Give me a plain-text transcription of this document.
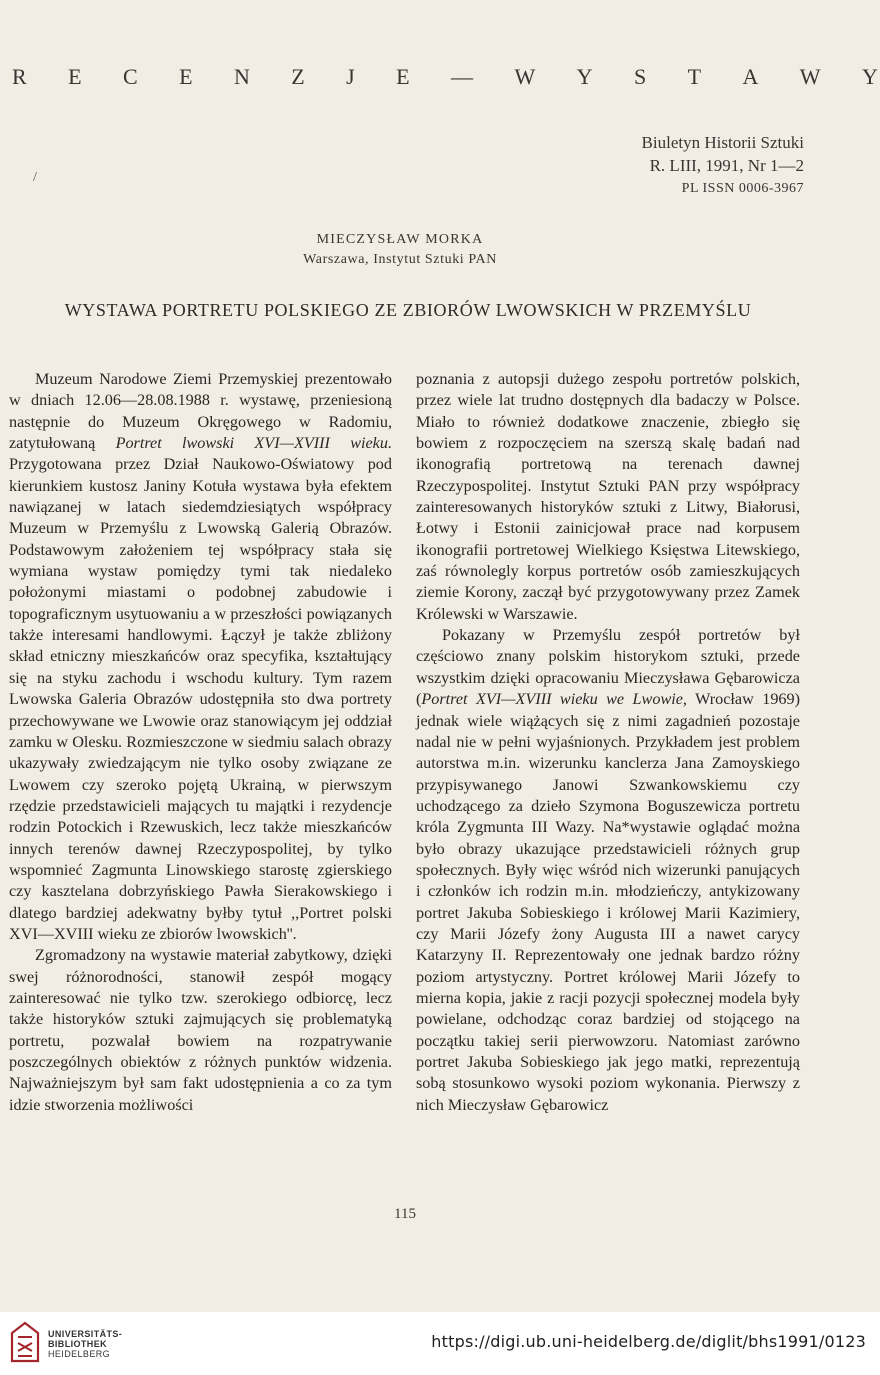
R E C E N Z J E — W Y S T A W Y
Biuletyn Historii Sztuki
R. LIII, 1991, Nr 1—2
PL ISSN 0006-3967
/
MIECZYSŁAW MORKA
Warszawa, Instytut Sztuki PAN
WYSTAWA PORTRETU POLSKIEGO ZE ZBIORÓW LWOWSKICH W PRZEMYŚLU

Muzeum Narodowe Ziemi Przemyskiej prezentowało w dniach 12.06—28.08.1988 r. wystawę, przeniesioną następnie do Muzeum Okręgowego w Radomiu, zatytułowaną Portret lwowski XVI—XVIII wieku. Przygotowana przez Dział Naukowo-Oświatowy pod kierunkiem kustosz Janiny Kotuła wystawa była efektem nawiązanej w latach siedemdziesiątych współpracy Muzeum w Przemyślu z Lwowską Galerią Obrazów. Podstawowym założeniem tej współpracy stała się wymiana wystaw pomiędzy tymi tak niedaleko położonymi miastami o podobnej zabudowie i topograficznym usytuowaniu a w przeszłości powiązanych także interesami handlowymi. Łączył je także zbliżony skład etniczny mieszkańców oraz specyfika, kształtujący się na styku zachodu i wschodu kultury. Tym razem Lwowska Galeria Obrazów udostępniła sto dwa portrety przechowywane we Lwowie oraz stanowiącym jej oddział zamku w Olesku. Rozmieszczone w siedmiu salach obrazy ukazywały zwiedzającym nie tylko osoby związane ze Lwowem czy szeroko pojętą Ukrainą, w pierwszym rzędzie przedstawicieli mających tu majątki i rezydencje rodzin Potockich i Rzewuskich, lecz także mieszkańców innych terenów dawnej Rzeczypospolitej, by tylko wspomnieć Zagmunta Linowskiego starostę zgierskiego czy kasztelana dobrzyńskiego Pawła Sierakowskiego i dlatego bardziej adekwatny byłby tytuł ,,Portret polski XVI—XVIII wieku ze zbiorów lwowskich''.

Zgromadzony na wystawie materiał zabytkowy, dzięki swej różnorodności, stanowił zespół mogący zainteresować nie tylko tzw. szerokiego odbiorcę, lecz także historyków sztuki zajmujących się problematyką portretu, pozwalał bowiem na rozpatrywanie poszczególnych obiektów z różnych punktów widzenia. Najważniejszym był sam fakt udostępnienia a co za tym idzie stworzenia możliwości

poznania z autopsji dużego zespołu portretów polskich, przez wiele lat trudno dostępnych dla badaczy w Polsce. Miało to również dodatkowe znaczenie, zbiegło się bowiem z rozpoczęciem na szerszą skalę badań nad ikonografią portretową na terenach dawnej Rzeczypospolitej. Instytut Sztuki PAN przy współpracy zainteresowanych historyków sztuki z Litwy, Białorusi, Łotwy i Estonii zainicjował prace nad korpusem ikonografii portretowej Wielkiego Księstwa Litewskiego, zaś równolegly korpus portretów osób zamieszkujących ziemie Korony, zaczął być przygotowywany przez Zamek Królewski w Warszawie.

Pokazany w Przemyślu zespół portretów był częściowo znany polskim historykom sztuki, przede wszystkim dzięki opracowaniu Mieczysława Gębarowicza (Portret XVI—XVIII wieku we Lwowie, Wrocław 1969) jednak wiele wiążących się z nimi zagadnień pozostaje nadal nie w pełni wyjaśnionych. Przykładem jest problem autorstwa m.in. wizerunku kanclerza Jana Zamoyskiego przypisywanego Janowi Szwankowskiemu czy uchodzącego za dzieło Szymona Boguszewicza portretu króla Zygmunta III Wazy. Na*wystawie oglądać można było obrazy ukazujące przedstawicieli różnych grup społecznych. Były więc wśród nich wizerunki panujących i członków ich rodzin m.in. młodzieńczy, antykizowany portret Jakuba Sobieskiego i królowej Marii Kazimiery, czy Marii Józefy żony Augusta III a nawet carycy Katarzyny II. Reprezentowały one jednak bardzo różny poziom artystyczny. Portret królowej Marii Józefy to mierna kopia, jakie z racji pozycji społecznej modela były powielane, odchodząc coraz bardziej od stojącego na początku takiej serii pierwowzoru. Natomiast zarówno portret Jakuba Sobieskiego jak jego matki, reprezentują sobą stosunkowo wysoki poziom wykonania. Pierwszy z nich Mieczysław Gębarowicz

115
UNIVERSITÄTS-
BIBLIOTHEK
HEIDELBERG
https://digi.ub.uni-heidelberg.de/diglit/bhs1991/0123
